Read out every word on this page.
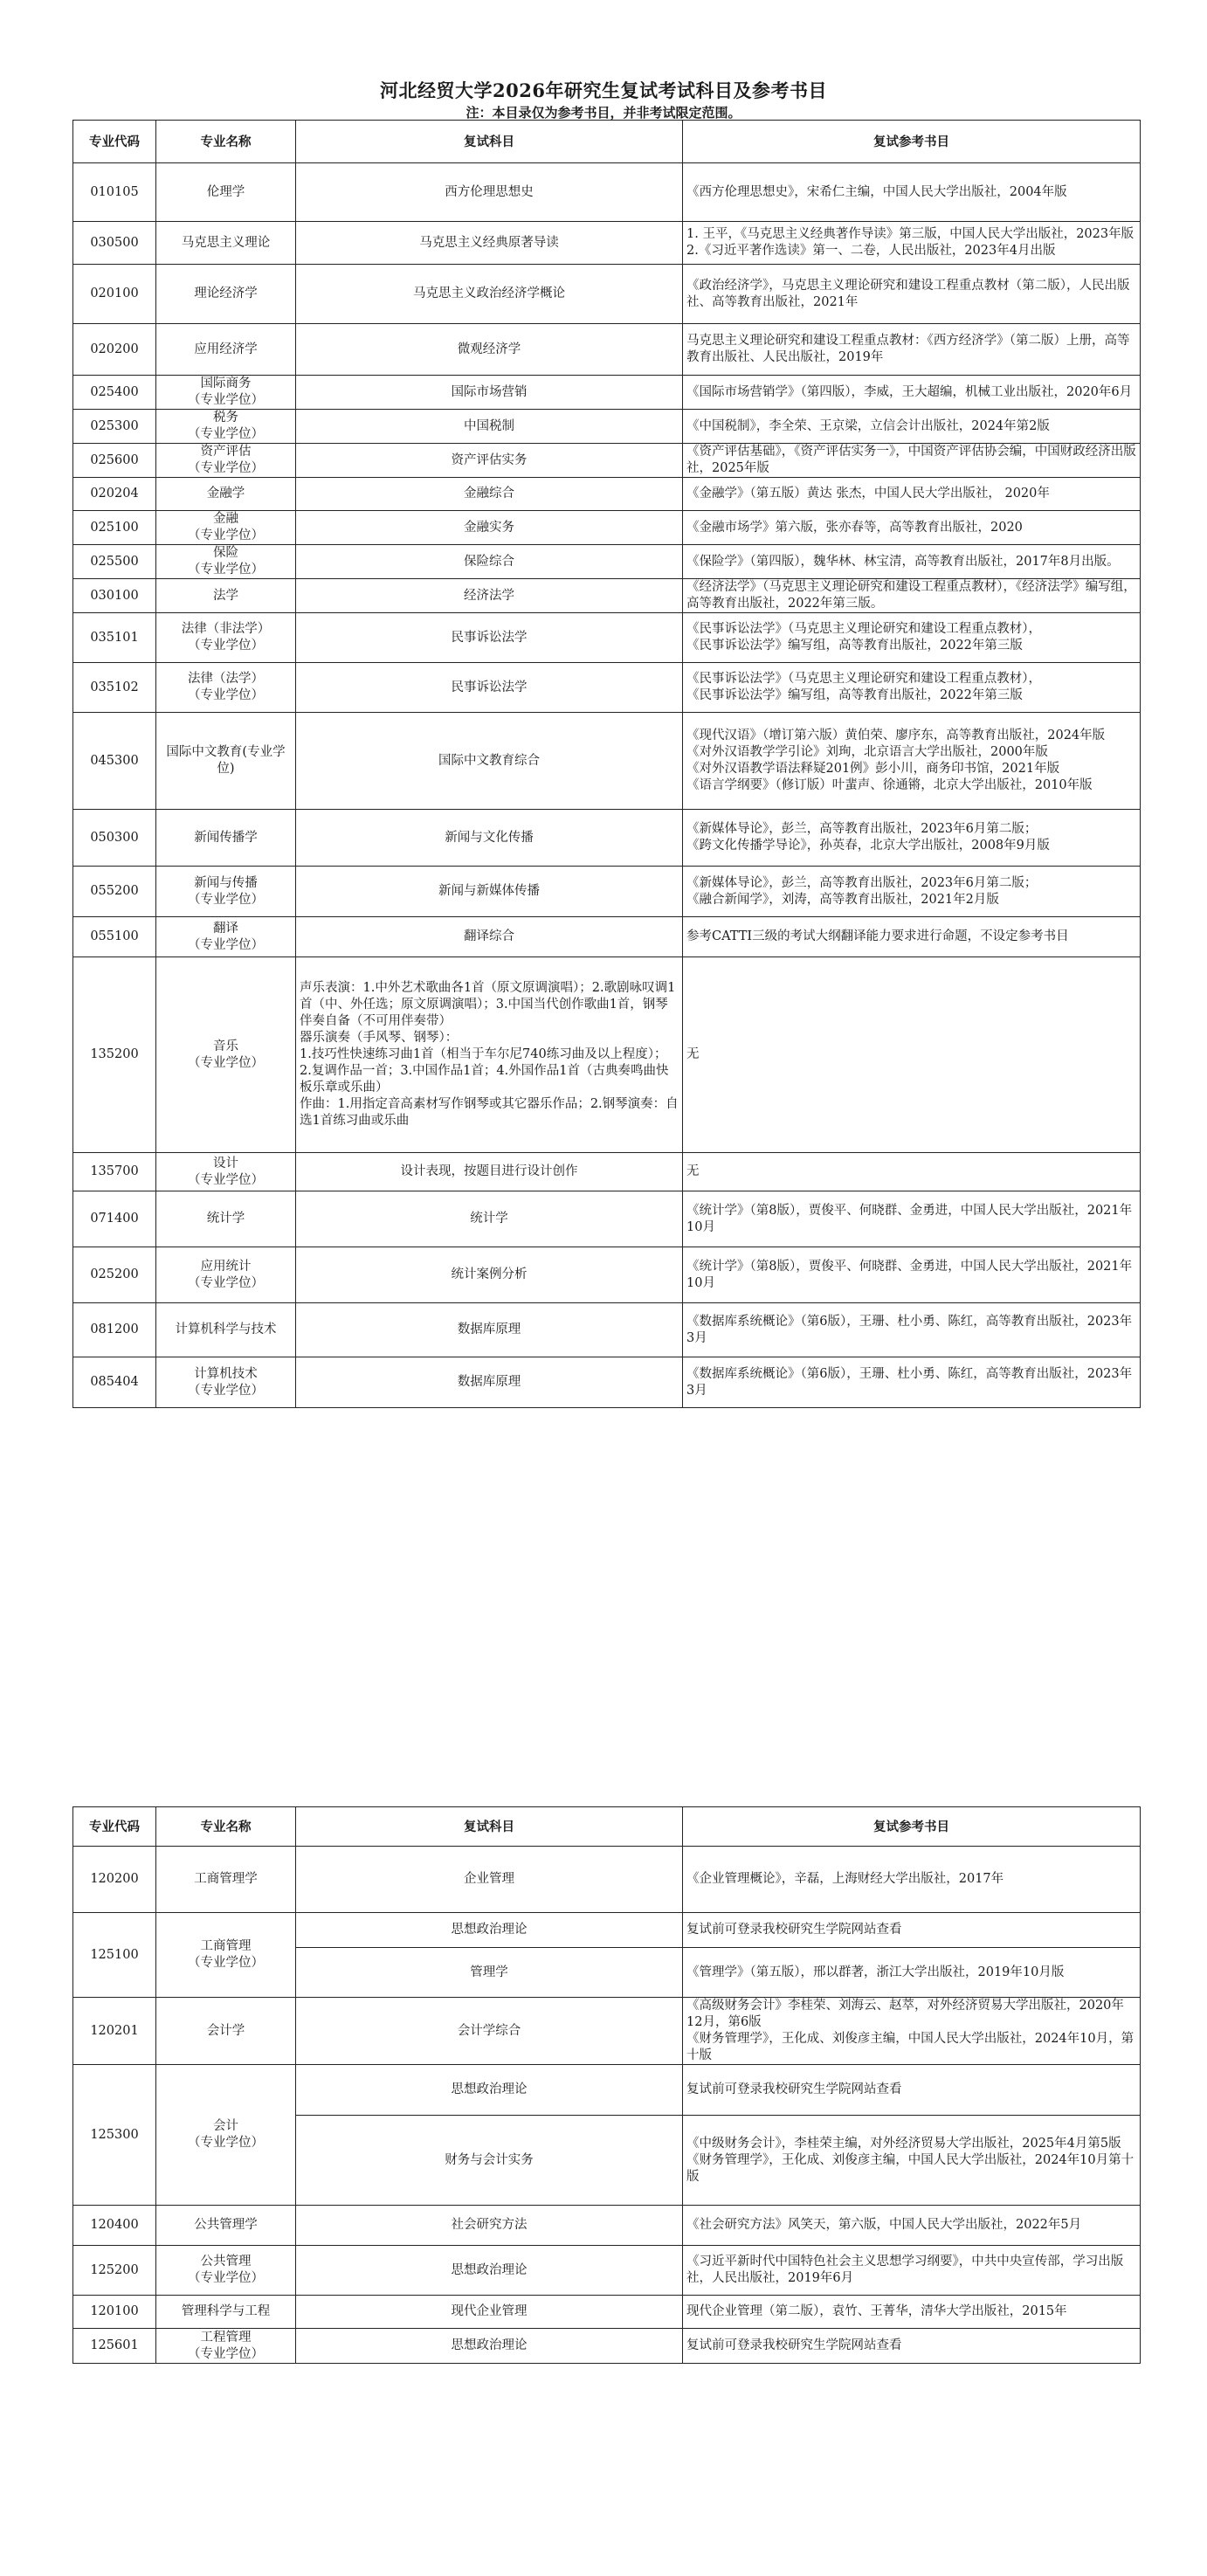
河北经贸大学2026年研究生复试考试科目及参考书目
注：本目录仅为参考书目，并非考试限定范围。
专业代码	专业名称	复试科目	复试参考书目

010105	伦理学	西方伦理思想史	《西方伦理思想史》，宋希仁主编，中国人民大学出版社，2004年版

030500	马克思主义理论	马克思主义经典原著导读	1. 王平，《马克思主义经典著作导读》第三版，中国人民大学出版社，2023年版
2.《习近平著作选读》第一、二卷，人民出版社，2023年4月出版

020100	理论经济学	马克思主义政治经济学概论	《政治经济学》，马克思主义理论研究和建设工程重点教材（第二版），人民出版社、高等教育出版社，2021年

020200	应用经济学	微观经济学	马克思主义理论研究和建设工程重点教材：《西方经济学》（第二版）上册，高等教育出版社、人民出版社，2019年

025400	国际商务
（专业学位）	国际市场营销	《国际市场营销学》（第四版），李威，王大超编，机械工业出版社，2020年6月

025300	税务
（专业学位）	中国税制	《中国税制》，李全荣、王京梁，立信会计出版社，2024年第2版

025600	资产评估
（专业学位）	资产评估实务	《资产评估基础》，《资产评估实务一》，中国资产评估协会编，中国财政经济出版社，2025年版

020204	金融学	金融综合	《金融学》（第五版）黄达 张杰，中国人民大学出版社， 2020年

025100	金融
（专业学位）	金融实务	《金融市场学》第六版，张亦春等，高等教育出版社，2020

025500	保险
（专业学位）	保险综合	《保险学》（第四版），魏华林、林宝清，高等教育出版社，2017年8月出版。

030100	法学	经济法学	《经济法学》（马克思主义理论研究和建设工程重点教材），《经济法学》编写组，高等教育出版社，2022年第三版。

035101	法律（非法学）
（专业学位）	民事诉讼法学	《民事诉讼法学》（马克思主义理论研究和建设工程重点教材），
《民事诉讼法学》编写组，高等教育出版社，2022年第三版

035102	法律（法学）
（专业学位）	民事诉讼法学	《民事诉讼法学》（马克思主义理论研究和建设工程重点教材），
《民事诉讼法学》编写组，高等教育出版社，2022年第三版

045300	国际中文教育(专业学位)	国际中文教育综合	《现代汉语》（增订第六版）黄伯荣、廖序东，高等教育出版社，2024年版
《对外汉语教学学引论》刘珣，北京语言大学出版社，2000年版
《对外汉语教学语法释疑201例》彭小川，商务印书馆，2021年版
《语言学纲要》（修订版）叶蜚声、徐通锵，北京大学出版社，2010年版

050300	新闻传播学	新闻与文化传播	《新媒体导论》，彭兰，高等教育出版社，2023年6月第二版；
《跨文化传播学导论》，孙英春，北京大学出版社，2008年9月版

055200	新闻与传播
（专业学位）	新闻与新媒体传播	《新媒体导论》，彭兰，高等教育出版社，2023年6月第二版；
《融合新闻学》，刘涛，高等教育出版社，2021年2月版

055100	翻译
（专业学位）	翻译综合	参考CATTI三级的考试大纲翻译能力要求进行命题，不设定参考书目

135200	音乐
（专业学位）	声乐表演：1.中外艺术歌曲各1首（原文原调演唱）；2.歌剧咏叹调1首（中、外任选；原文原调演唱）；3.中国当代创作歌曲1首，钢琴伴奏自备（不可用伴奏带）
器乐演奏（手风琴、钢琴）：
1.技巧性快速练习曲1首（相当于车尔尼740练习曲及以上程度）；2.复调作品一首；3.中国作品1首；4.外国作品1首（古典奏鸣曲快板乐章或乐曲）
作曲：1.用指定音高素材写作钢琴或其它器乐作品；2.钢琴演奏：自选1首练习曲或乐曲	无

135700	设计
（专业学位）	设计表现，按题目进行设计创作	无

071400	统计学	统计学	《统计学》（第8版），贾俊平、何晓群、金勇进，中国人民大学出版社，2021年10月

025200	应用统计
（专业学位）	统计案例分析	《统计学》（第8版），贾俊平、何晓群、金勇进，中国人民大学出版社，2021年10月

081200	计算机科学与技术	数据库原理	《数据库系统概论》（第6版），王珊、杜小勇、陈红，高等教育出版社，2023年3月

085404	计算机技术
（专业学位）	数据库原理	《数据库系统概论》（第6版），王珊、杜小勇、陈红，高等教育出版社，2023年3月
专业代码	专业名称	复试科目	复试参考书目

120200	工商管理学	企业管理	《企业管理概论》，辛磊，上海财经大学出版社，2017年

125100	工商管理
（专业学位）	思想政治理论	复试前可登录我校研究生学院网站查看

		管理学	《管理学》（第五版），邢以群著，浙江大学出版社，2019年10月版

120201	会计学	会计学综合	《高级财务会计》李桂荣、刘海云、赵萃，对外经济贸易大学出版社，2020年12月，第6版
《财务管理学》，王化成、刘俊彦主编，中国人民大学出版社，2024年10月，第十版

125300	会计
（专业学位）	思想政治理论	复试前可登录我校研究生学院网站查看

		财务与会计实务	《中级财务会计》，李桂荣主编，对外经济贸易大学出版社，2025年4月第5版
《财务管理学》，王化成、刘俊彦主编，中国人民大学出版社，2024年10月第十版

120400	公共管理学	社会研究方法	《社会研究方法》风笑天，第六版，中国人民大学出版社，2022年5月

125200	公共管理
（专业学位）	思想政治理论	《习近平新时代中国特色社会主义思想学习纲要》，中共中央宣传部，学习出版社，人民出版社，2019年6月

120100	管理科学与工程	现代企业管理	现代企业管理（第二版），袁竹、王菁华，清华大学出版社，2015年

125601	工程管理
（专业学位）	思想政治理论	复试前可登录我校研究生学院网站查看
